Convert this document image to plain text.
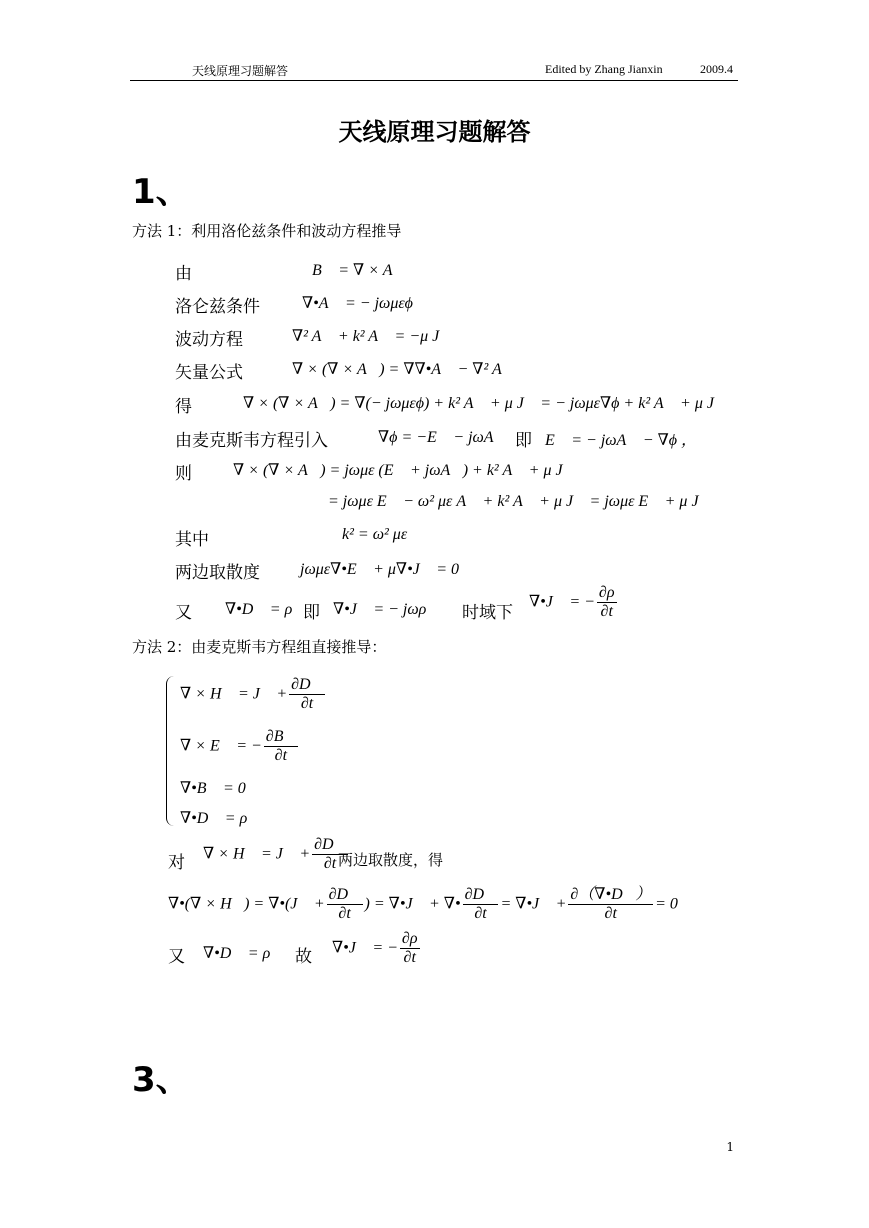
天线原理习题解答	Edited by Zhang Jianxin	2009.4
天线原理习题解答
1、
方法 1：利用洛伦兹条件和波动方程推导
由	B⃗ = ∇ × A⃗
洛仑兹条件	∇•A⃗ = − jωμεϕ
波动方程	∇² A⃗ + k² A⃗ = −μ J⃗
矢量公式	∇ × (∇ × A⃗) = ∇∇•A⃗ − ∇² A⃗
得	∇ × (∇ × A⃗) = ∇(− jωμεϕ) + k² A⃗ + μ J⃗ = − jωμε∇ϕ + k² A⃗ + μ J⃗
由麦克斯韦方程引入	∇ϕ = −E⃗ − jωA⃗ 即 E⃗ = − jωA⃗ − ∇ϕ ，
则	∇ × (∇ × A⃗) = jωμε (E⃗ + jωA⃗) + k² A⃗ + μ J⃗
= jωμε E⃗ − ω² με A⃗ + k² A⃗ + μ J⃗ = jωμε E⃗ + μ J⃗
其中	k² = ω² με
两边取散度	jωμε∇•E⃗ + μ∇•J⃗ = 0
又 ∇•D⃗ = ρ 即 ∇•J⃗ = − jωρ 时域下
∇•J⃗ = − $\frac{\partial\rho}{\partial t}$
方法 2：由麦克斯韦方程组直接推导：
∇ × H⃗ = J⃗ + $\frac{\partial D⃗}{\partial t}$
∇ × E⃗ = − $\frac{\partial B⃗}{\partial t}$
∇•B⃗ = 0
∇•D⃗ = ρ
对 ∇ × H⃗ = J⃗ + $\frac{\partial D⃗}{\partial t}$
两边取散度，得
∇•(∇ × H⃗) = ∇•(J⃗ + $\frac{\partial D⃗}{\partial t}$ ) = ∇•J⃗ + ∇• $\frac{\partial D⃗}{\partial t}$ = ∇•J⃗ + $\frac{\partial(\nabla•D⃗)}{\partial t} = 0$
又 ∇•D⃗ = ρ 故 ∇•J⃗ = − $\frac{\partial\rho}{\partial t}$
3、
1
